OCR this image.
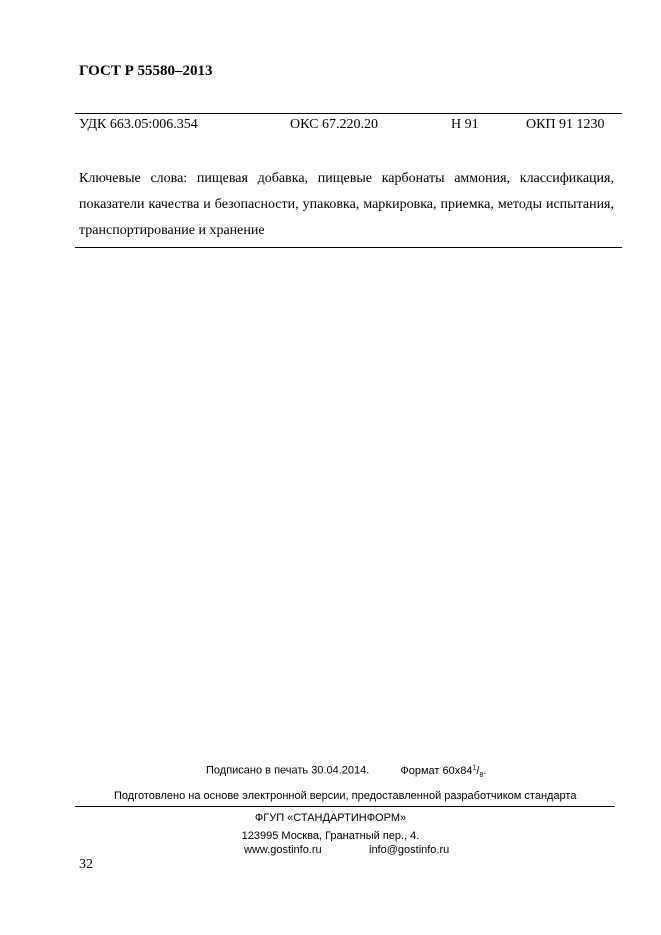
ГОСТ Р 55580–2013
УДК 663.05:006.354	ОКС 67.220.20	Н 91	ОКП 91 1230
Ключевые слова: пищевая добавка, пищевые карбонаты аммония, классификация, показатели качества и безопасности, упаковка, маркировка, приемка, методы испытания, транспортирование и хранение
Подписано в печать 30.04.2014.	Формат $60х84^1/_8$.
Подготовлено на основе электронной версии, предоставленной разработчиком стандарта
ФГУП «СТАНДАРТИНФОРМ»
123995 Москва, Гранатный пер., 4.
www.gostinfo.ru	info@gostinfo.ru
32
